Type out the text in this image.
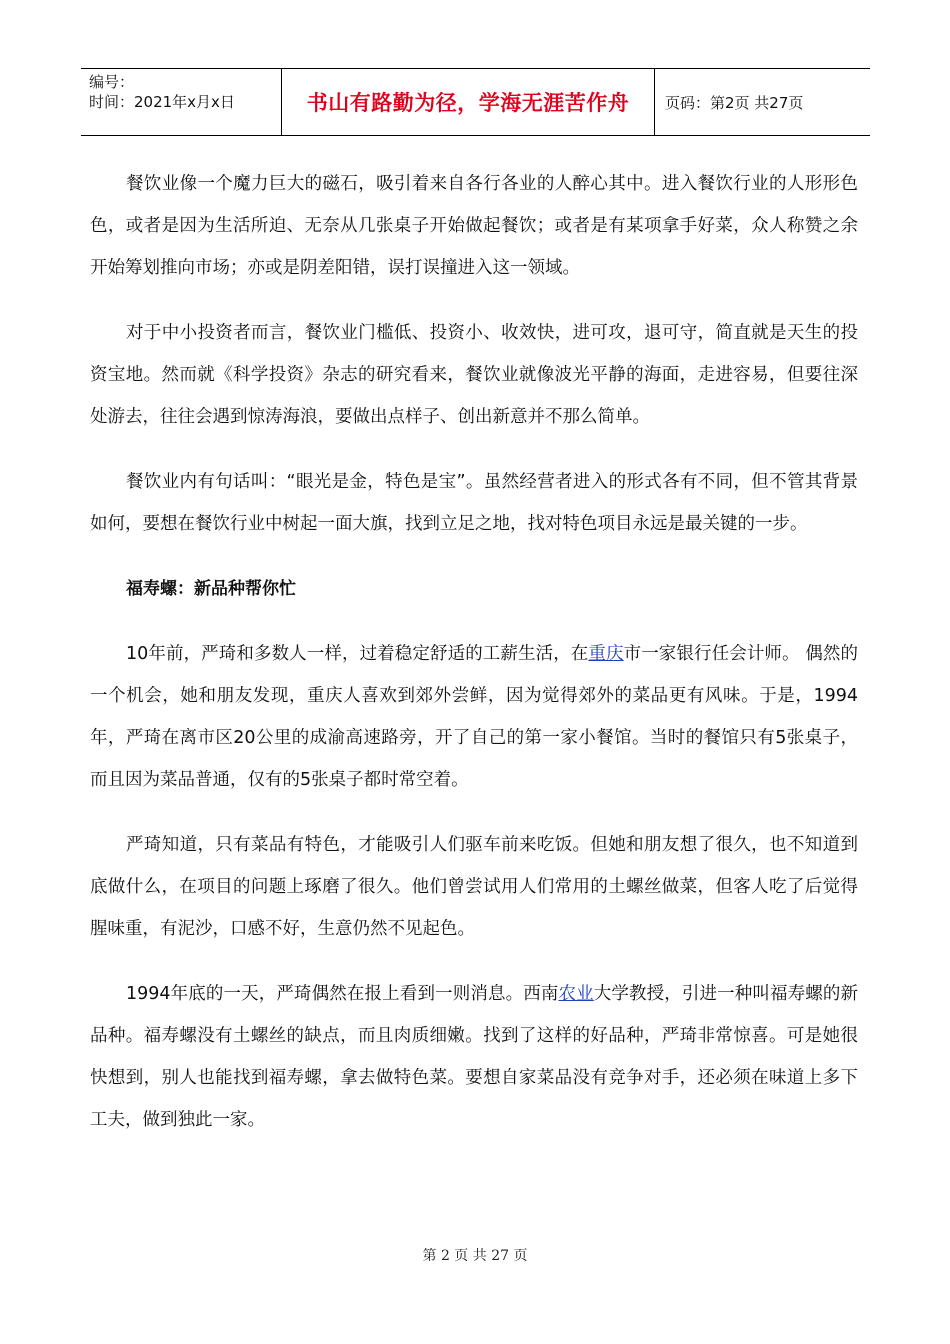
编号：
时间：2021年x月x日	书山有路勤为径，学海无涯苦作舟 页码：第2页 共27页

餐饮业像一个魔力巨大的磁石，吸引着来自各行各业的人醉心其中。进入餐饮行业的人形形色色，或者是因为生活所迫、无奈从几张桌子开始做起餐饮；或者是有某项拿手好菜，众人称赞之余开始筹划推向市场；亦或是阴差阳错，误打误撞进入这一领域。

对于中小投资者而言，餐饮业门槛低、投资小、收效快，进可攻，退可守，简直就是天生的投资宝地。然而就《科学投资》杂志的研究看来，餐饮业就像波光平静的海面，走进容易，但要往深处游去，往往会遇到惊涛海浪，要做出点样子、创出新意并不那么简单。

餐饮业内有句话叫：“眼光是金，特色是宝”。虽然经营者进入的形式各有不同，但不管其背景如何，要想在餐饮行业中树起一面大旗，找到立足之地，找对特色项目永远是最关键的一步。

福寿螺：新品种帮你忙

10年前，严琦和多数人一样，过着稳定舒适的工薪生活，在重庆市一家银行任会计师。 偶然的一个机会，她和朋友发现，重庆人喜欢到郊外尝鲜，因为觉得郊外的菜品更有风味。于是，1994年，严琦在离市区20公里的成渝高速路旁，开了自己的第一家小餐馆。当时的餐馆只有5张桌子，而且因为菜品普通，仅有的5张桌子都时常空着。

严琦知道，只有菜品有特色，才能吸引人们驱车前来吃饭。但她和朋友想了很久，也不知道到底做什么，在项目的问题上琢磨了很久。他们曾尝试用人们常用的土螺丝做菜，但客人吃了后觉得腥味重，有泥沙，口感不好，生意仍然不见起色。

1994年底的一天，严琦偶然在报上看到一则消息。西南农业大学教授，引进一种叫福寿螺的新品种。福寿螺没有土螺丝的缺点，而且肉质细嫩。找到了这样的好品种，严琦非常惊喜。可是她很快想到，别人也能找到福寿螺，拿去做特色菜。要想自家菜品没有竞争对手，还必须在味道上多下工夫，做到独此一家。

第 2 页 共 27 页
